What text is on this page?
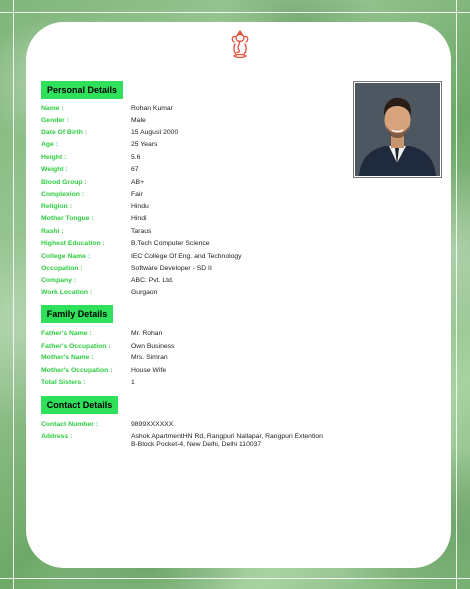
Personal Details
Name :	Rohan Kumar
Gender :	Male
Date Of Birth :	15 August 2000
Age :	25 Years
Height :	5.6
Weight :	67
Blood Group :	AB+
Complexion :	Fair
Religion :	Hindu
Mother Tongue :	Hindi
Rashi :	Taraus
Highest Education :	B.Tech Computer Science
College Name :	IEC College Of Eng. and Technology
Occupation :	Software Developer - SD II
Company :	ABC. Pvt. Ltd.
Work Location :	Gurgaon
Family Details
Father's Name :	Mr. Rohan
Father's Occupation :	Own Business
Mother's Name :	Mrs. Simran
Mother's Occupation :	House Wife
Total Sisters :	1
Contact Details
Contact Number :	9899XXXXXX
Address :	Ashok ApartmentHN Rd, Rangpuri Nallapar, Rangpuri Extention B-Block Pocket-4, New Delhi, Delhi 110037
